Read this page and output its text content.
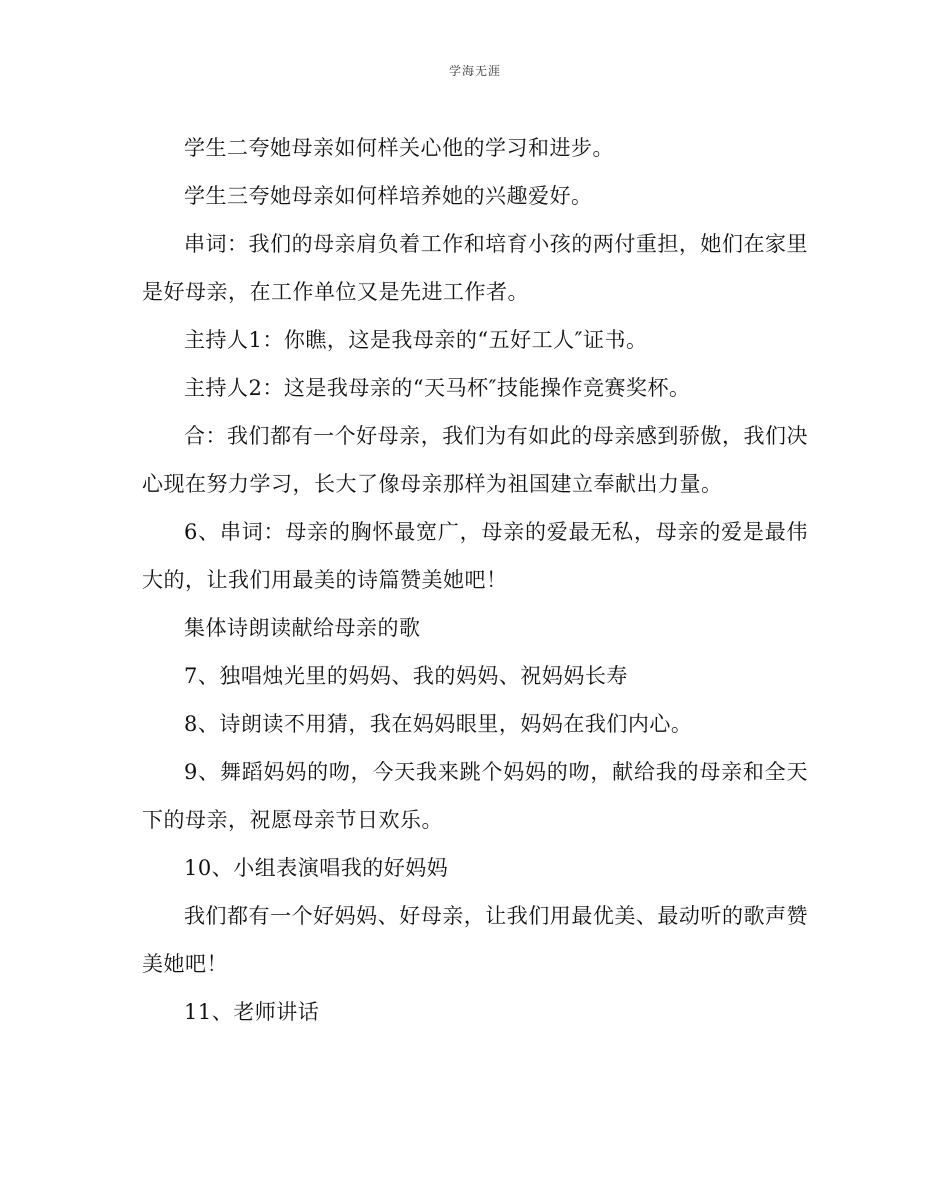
学海无涯

学生二夸她母亲如何样关心他的学习和进步。

学生三夸她母亲如何样培养她的兴趣爱好。

串词：我们的母亲肩负着工作和培育小孩的两付重担，她们在家里是好母亲，在工作单位又是先进工作者。

主持人1：你瞧，这是我母亲的“五好工人″证书。

主持人2：这是我母亲的“天马杯″技能操作竞赛奖杯。

合：我们都有一个好母亲，我们为有如此的母亲感到骄傲，我们决心现在努力学习，长大了像母亲那样为祖国建立奉献出力量。

6、串词：母亲的胸怀最宽广，母亲的爱最无私，母亲的爱是最伟大的，让我们用最美的诗篇赞美她吧！

集体诗朗读献给母亲的歌

7、独唱烛光里的妈妈、我的妈妈、祝妈妈长寿

8、诗朗读不用猜，我在妈妈眼里，妈妈在我们内心。

9、舞蹈妈妈的吻，今天我来跳个妈妈的吻，献给我的母亲和全天下的母亲，祝愿母亲节日欢乐。

10、小组表演唱我的好妈妈

我们都有一个好妈妈、好母亲，让我们用最优美、最动听的歌声赞美她吧！

11、老师讲话
